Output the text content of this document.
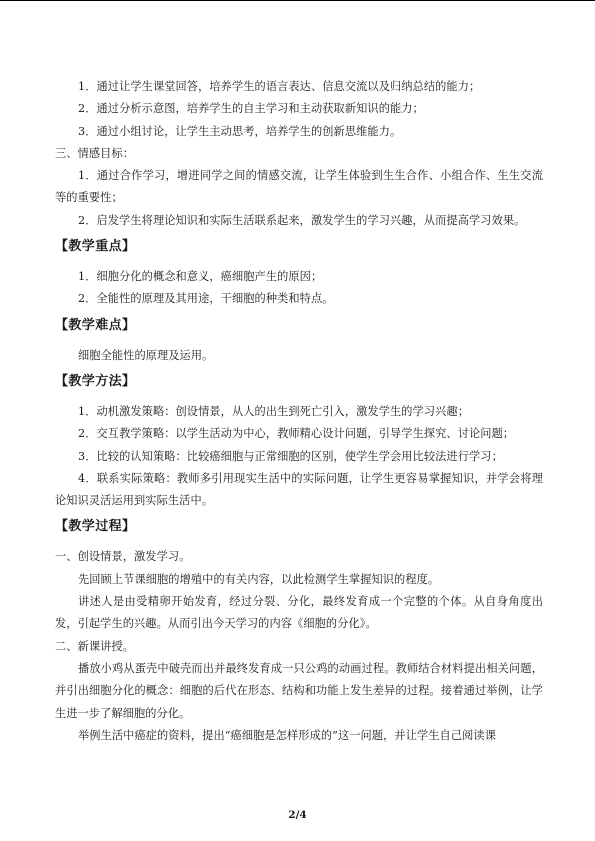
1．通过让学生课堂回答，培养学生的语言表达、信息交流以及归纳总结的能力；

2．通过分析示意图，培养学生的自主学习和主动获取新知识的能力；

3．通过小组讨论，让学生主动思考，培养学生的创新思维能力。

三、情感目标：

1．通过合作学习，增进同学之间的情感交流，让学生体验到生生合作、小组合作、生生交流等的重要性；

2．启发学生将理论知识和实际生活联系起来，激发学生的学习兴趣，从而提高学习效果。

【教学重点】

1．细胞分化的概念和意义，癌细胞产生的原因；

2．全能性的原理及其用途，干细胞的种类和特点。

【教学难点】

细胞全能性的原理及运用。

【教学方法】

1．动机激发策略：创设情景，从人的出生到死亡引入，激发学生的学习兴趣；

2．交互教学策略：以学生活动为中心，教师精心设计问题，引导学生探究、讨论问题；

3．比较的认知策略：比较癌细胞与正常细胞的区别，使学生学会用比较法进行学习；

4．联系实际策略：教师多引用现实生活中的实际问题，让学生更容易掌握知识，并学会将理论知识灵活运用到实际生活中。

【教学过程】

一、创设情景，激发学习。

先回顾上节课细胞的增殖中的有关内容，以此检测学生掌握知识的程度。

讲述人是由受精卵开始发育，经过分裂、分化，最终发育成一个完整的个体。从自身角度出发，引起学生的兴趣。从而引出今天学习的内容《细胞的分化》。

二、新课讲授。

播放小鸡从蛋壳中破壳而出并最终发育成一只公鸡的动画过程。教师结合材料提出相关问题，并引出细胞分化的概念：细胞的后代在形态、结构和功能上发生差异的过程。接着通过举例，让学生进一步了解细胞的分化。

举例生活中癌症的资料，提出“癌细胞是怎样形成的”这一问题，并让学生自己阅读课

2/4
